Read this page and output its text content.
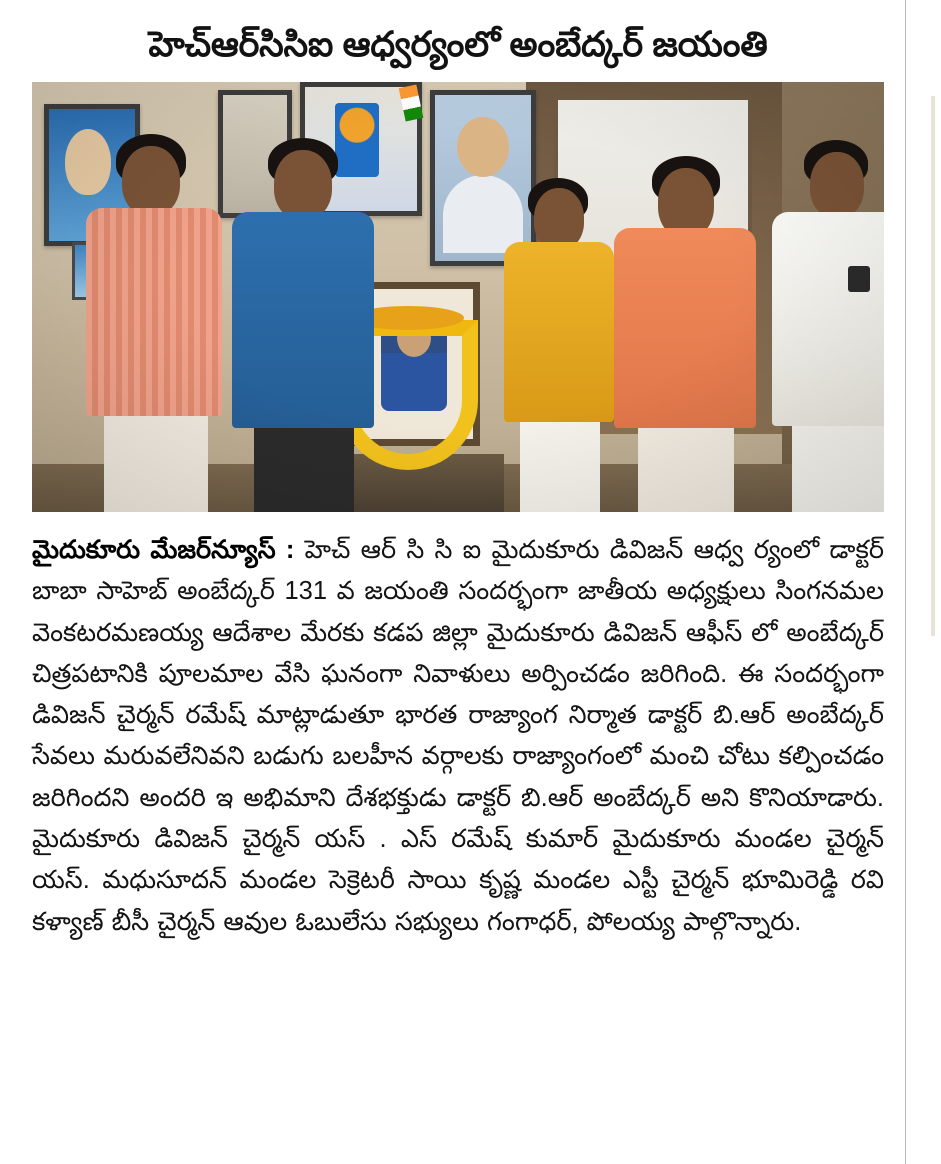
హెచ్‌ఆర్‌సిసిఐ ఆధ్వర్యంలో అంబేద్కర్ జయంతి

మైదుకూరు మేజర్‌న్యూస్ : హెచ్ ఆర్ సి సి ఐ మైదుకూరు డివిజన్ ఆధ్వ ర్యంలో డాక్టర్ బాబా సాహెబ్ అంబేద్కర్ 131 వ జయంతి సందర్భంగా జాతీయ అధ్యక్షులు సింగనమల వెంకటరమణయ్య ఆదేశాల మేరకు కడప జిల్లా మైదుకూరు డివిజన్ ఆఫీస్ లో అంబేద్కర్ చిత్రపటానికి పూలమాల వేసి ఘనంగా నివాళులు అర్పించడం జరిగింది. ఈ సందర్భంగా డివిజన్ చైర్మన్ రమేష్ మాట్లాడుతూ భారత రాజ్యాంగ నిర్మాత డాక్టర్ బి.ఆర్ అంబేద్కర్ సేవలు మరువలేనివని బడుగు బలహీన వర్గాలకు రాజ్యాంగంలో మంచి చోటు కల్పించడం జరిగిందని అందరి ఇ అభిమాని దేశభక్తుడు డాక్టర్ బి.ఆర్ అంబేద్కర్ అని కొనియాడారు. మైదుకూరు డివిజన్ చైర్మన్ యస్ . ఎస్ రమేష్ కుమార్ మైదుకూరు మండల చైర్మన్ యస్. మధుసూదన్ మండల సెక్రెటరీ సాయి కృష్ణ మండల ఎస్టీ చైర్మన్ భూమిరెడ్డి రవి కళ్యాణ్ బీసీ చైర్మన్ ఆవుల ఓబులేసు సభ్యులు గంగాధర్, పోలయ్య పాల్గొన్నారు.
